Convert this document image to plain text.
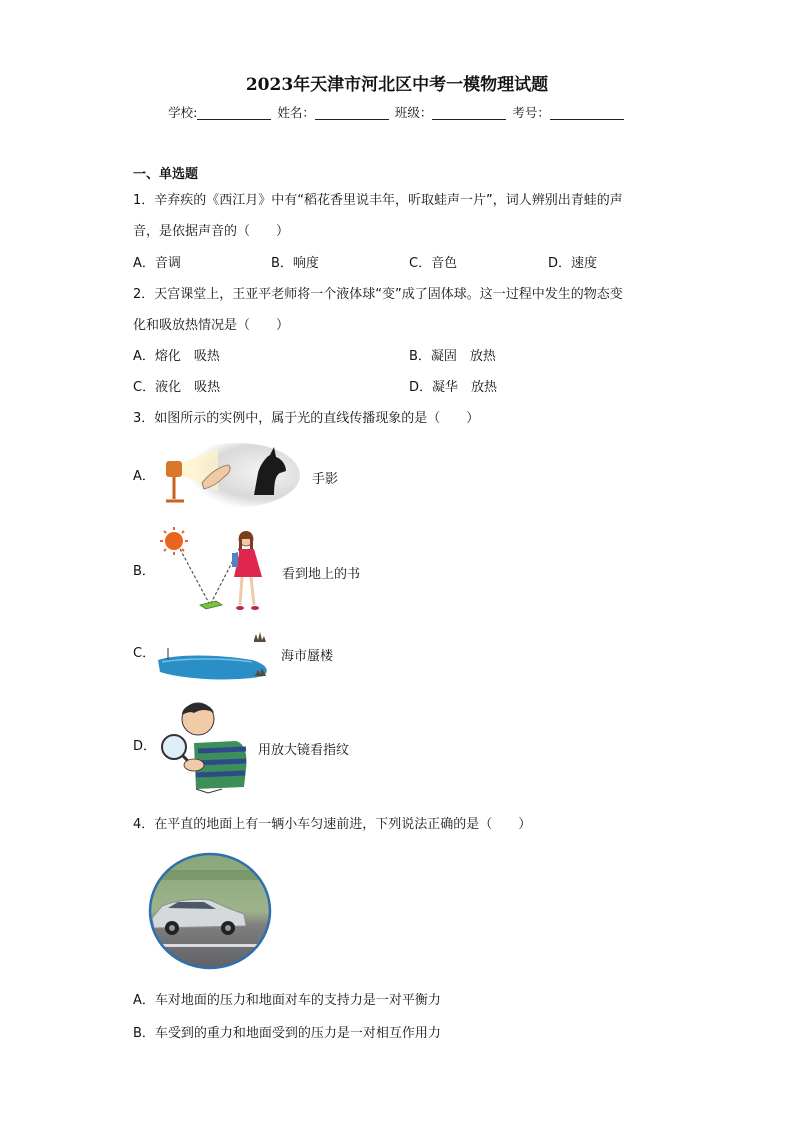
2023年天津市河北区中考一模物理试题
学校:	姓名：	班级：	考号：
一、单选题
1．辛弃疾的《西江月》中有“稻花香里说丰年，听取蛙声一片”，词人辨别出青蛙的声
音，是依据声音的（　　）
A．音调	B．响度	C．音色	D．速度
2．天宫课堂上，王亚平老师将一个液体球“变”成了固体球。这一过程中发生的物态变
化和吸放热情况是（　　）
A．熔化　吸热	B．凝固　放热
C．液化　吸热	D．凝华　放热
3．如图所示的实例中，属于光的直线传播现象的是（　　）
A．	手影
B．	看到地上的书
C．	海市蜃楼
D．	用放大镜看指纹
4．在平直的地面上有一辆小车匀速前进，下列说法正确的是（　　）
A．车对地面的压力和地面对车的支持力是一对平衡力
B．车受到的重力和地面受到的压力是一对相互作用力
